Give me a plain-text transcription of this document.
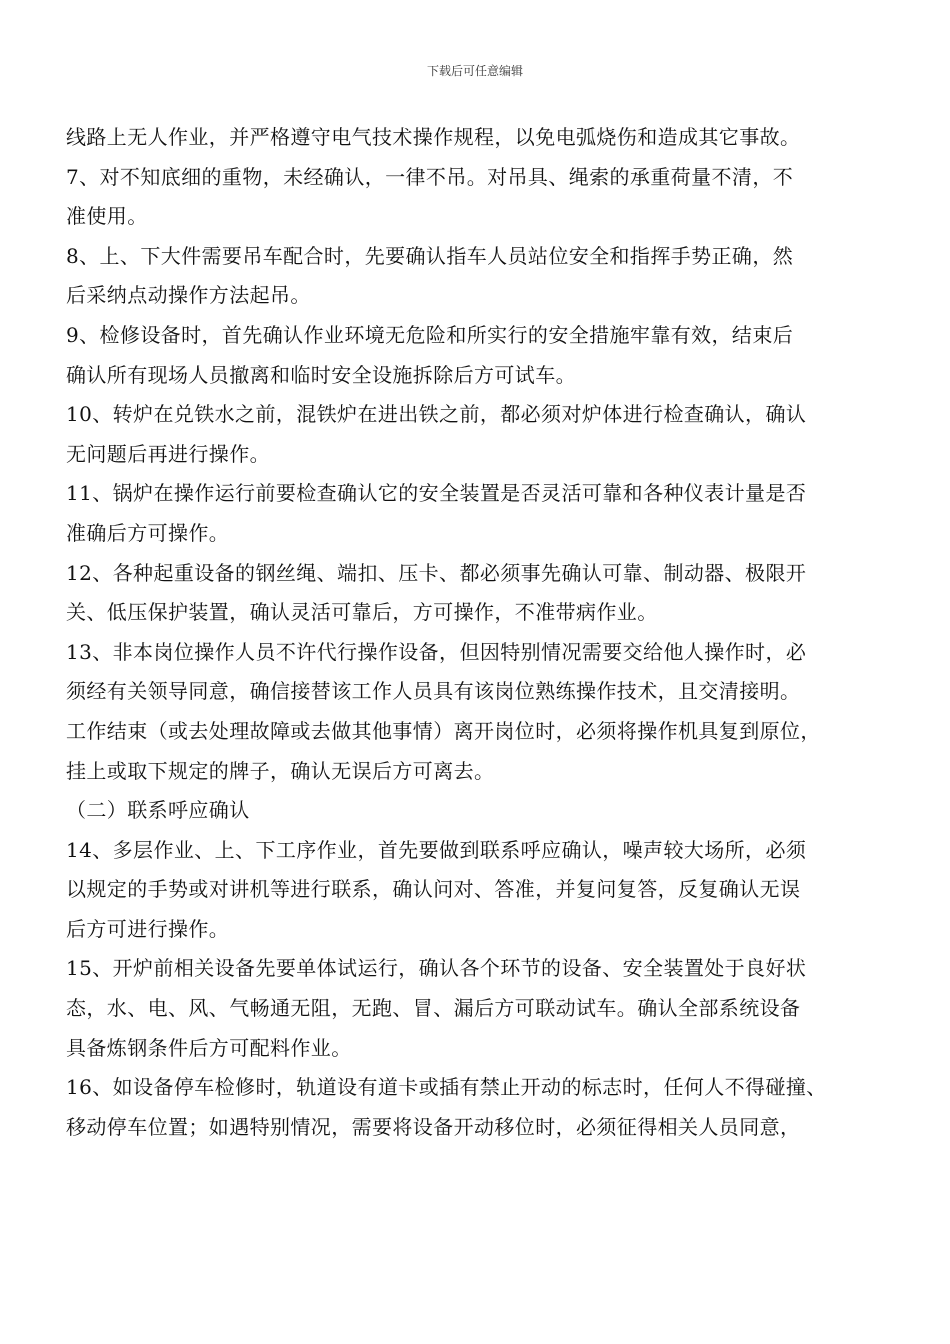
下载后可任意编辑
线路上无人作业，并严格遵守电气技术操作规程，以免电弧烧伤和造成其它事故。
7、对不知底细的重物，未经确认，一律不吊。对吊具、绳索的承重荷量不清，不
准使用。
8、上、下大件需要吊车配合时，先要确认指车人员站位安全和指挥手势正确，然
后采纳点动操作方法起吊。
9、检修设备时，首先确认作业环境无危险和所实行的安全措施牢靠有效，结束后
确认所有现场人员撤离和临时安全设施拆除后方可试车。
10、转炉在兑铁水之前，混铁炉在进出铁之前，都必须对炉体进行检查确认，确认
无问题后再进行操作。
11、锅炉在操作运行前要检查确认它的安全装置是否灵活可靠和各种仪表计量是否
准确后方可操作。
12、各种起重设备的钢丝绳、端扣、压卡、都必须事先确认可靠、制动器、极限开
关、低压保护装置，确认灵活可靠后，方可操作，不准带病作业。
13、非本岗位操作人员不许代行操作设备，但因特别情况需要交给他人操作时，必
须经有关领导同意，确信接替该工作人员具有该岗位熟练操作技术，且交清接明。
工作结束（或去处理故障或去做其他事情）离开岗位时，必须将操作机具复到原位，
挂上或取下规定的牌子，确认无误后方可离去。
（二）联系呼应确认
14、多层作业、上、下工序作业，首先要做到联系呼应确认，噪声较大场所，必须
以规定的手势或对讲机等进行联系，确认问对、答准，并复问复答，反复确认无误
后方可进行操作。
15、开炉前相关设备先要单体试运行，确认各个环节的设备、安全装置处于良好状
态，水、电、风、气畅通无阻，无跑、冒、漏后方可联动试车。确认全部系统设备
具备炼钢条件后方可配料作业。
16、如设备停车检修时，轨道设有道卡或插有禁止开动的标志时，任何人不得碰撞、
移动停车位置；如遇特别情况，需要将设备开动移位时，必须征得相关人员同意，
